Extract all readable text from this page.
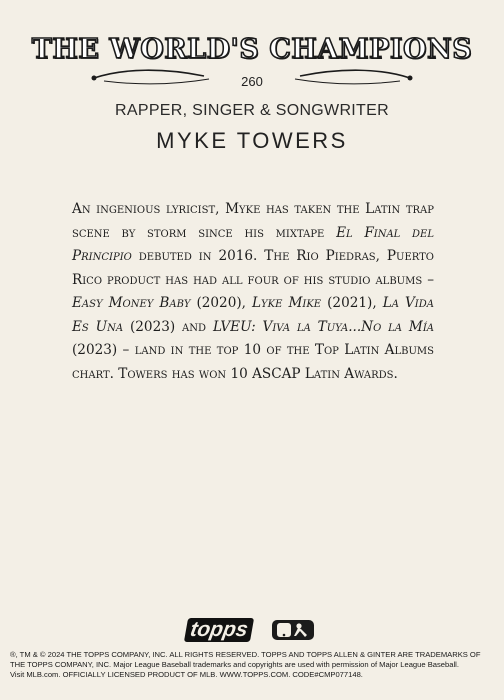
THE WORLD'S CHAMPIONS
260
RAPPER, SINGER & SONGWRITER
MYKE TOWERS
An ingenious lyricist, Myke has taken the Latin trap scene by storm since his mixtape El Final del Principio debuted in 2016. The Rio Piedras, Puerto Rico product has had all four of his studio albums – Easy Money Baby (2020), Lyke Mike (2021), La Vida Es Una (2023) and LVEU: Viva la Tuya...No la Mía (2023) – land in the top 10 of the Top Latin Albums chart. Towers has won 10 ASCAP Latin Awards.
topps
®, TM & © 2024 THE TOPPS COMPANY, INC. ALL RIGHTS RESERVED. TOPPS AND TOPPS ALLEN & GINTER ARE TRADEMARKS OF
THE TOPPS COMPANY, INC. Major League Baseball trademarks and copyrights are used with permission of Major League Baseball.
Visit MLB.com. OFFICIALLY LICENSED PRODUCT OF MLB. WWW.TOPPS.COM. CODE#CMP077148.
